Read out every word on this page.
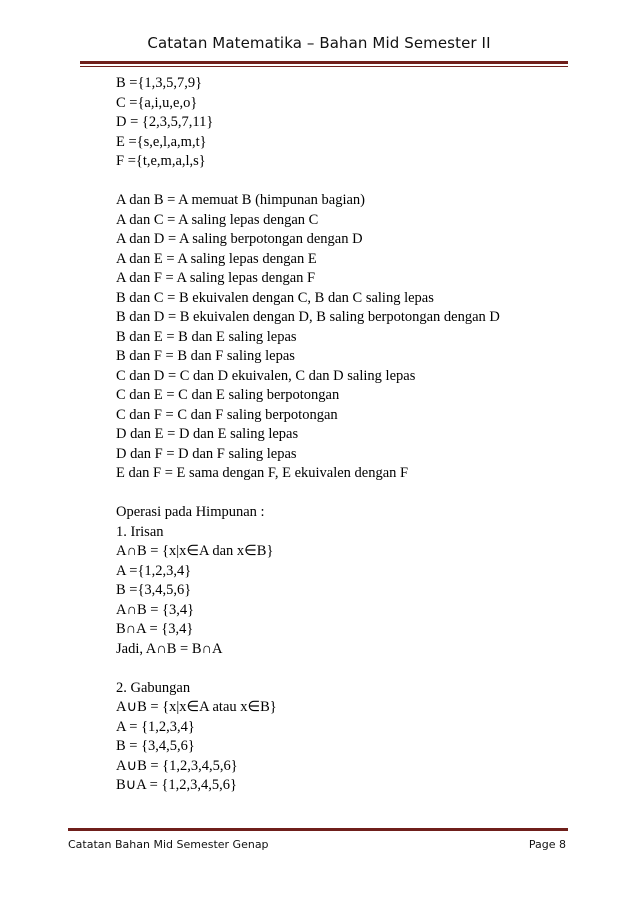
Catatan Matematika – Bahan Mid Semester II
B ={1,3,5,7,9}
C ={a,i,u,e,o}
D = {2,3,5,7,11}
E ={s,e,l,a,m,t}
F ={t,e,m,a,l,s}
A dan B = A memuat B (himpunan bagian)
A dan C = A saling lepas dengan C
A dan D = A saling berpotongan dengan D
A dan E = A saling lepas dengan E
A dan F = A saling lepas dengan F
B dan C = B ekuivalen dengan C, B dan C saling lepas
B dan D = B ekuivalen dengan D, B saling berpotongan dengan D
B dan E = B dan E saling lepas
B dan F = B dan F saling lepas
C dan D = C dan D ekuivalen, C dan D saling lepas
C dan E = C dan E saling berpotongan
C dan F = C dan F saling berpotongan
D dan E = D dan E saling lepas
D dan F = D dan F saling lepas
E dan F = E sama dengan F, E ekuivalen dengan F
Operasi pada Himpunan :
1. Irisan
A∩B = {x|x∈A dan x∈B}
A ={1,2,3,4}
B ={3,4,5,6}
A∩B = {3,4}
B∩A = {3,4}
Jadi, A∩B = B∩A
2. Gabungan
A∪B = {x|x∈A atau x∈B}
A = {1,2,3,4}
B = {3,4,5,6}
A∪B = {1,2,3,4,5,6}
B∪A = {1,2,3,4,5,6}
Catatan Bahan Mid Semester Genap	Page 8
